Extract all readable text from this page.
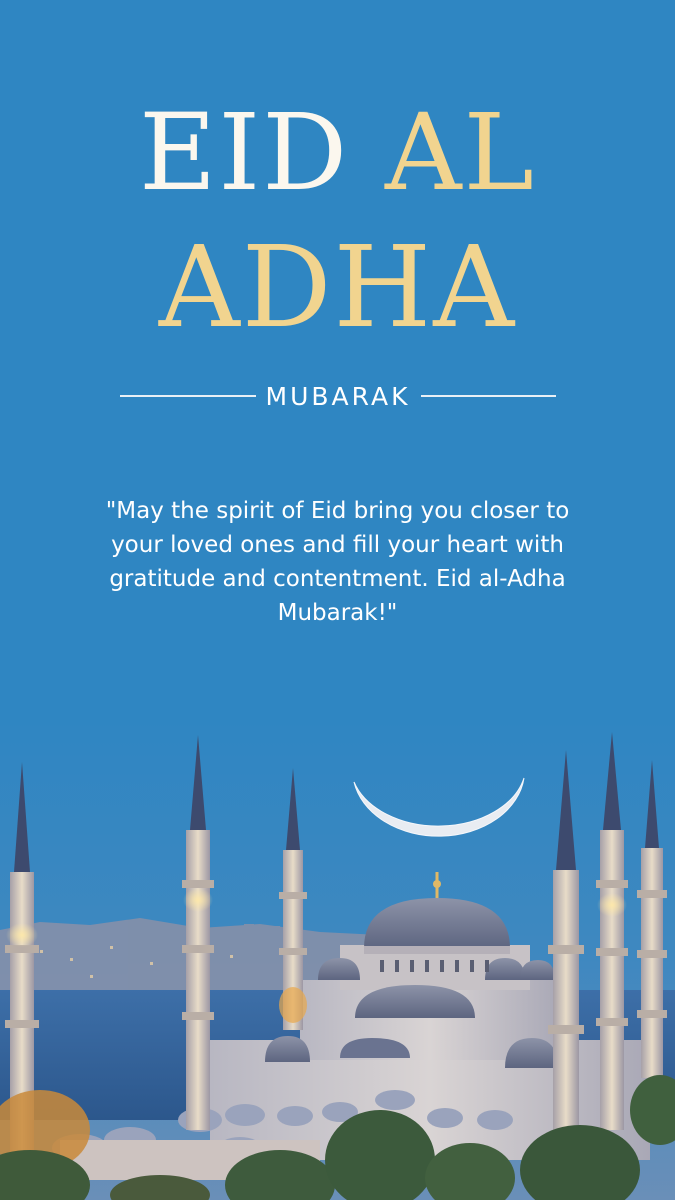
EID AL
ADHA
MUBARAK
"May the spirit of Eid bring you closer to your loved ones and fill your heart with gratitude and contentment. Eid al-Adha Mubarak!"
